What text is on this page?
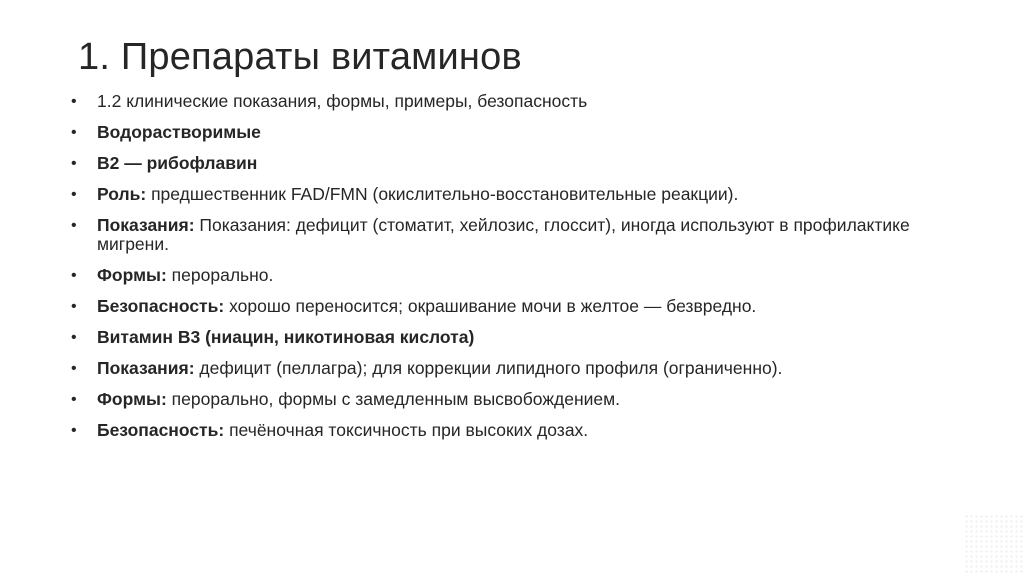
1. Препараты витаминов
• 1.2 клинические показания, формы, примеры, безопасность
• Водорастворимые
• B2 — рибофлавин
• Роль: предшественник FAD/FMN (окислительно-восстановительные реакции).
• Показания: Показания: дефицит (стоматит, хейлозис, глоссит), иногда используют в профилактике мигрени.
• Формы: перорально.
• Безопасность: хорошо переносится; окрашивание мочи в желтое — безвредно.
• Витамин B3 (ниацин, никотиновая кислота)
• Показания: дефицит (пеллагра); для коррекции липидного профиля (ограниченно).
• Формы: перорально, формы с замедленным высвобождением.
• Безопасность: печёночная токсичность при высоких дозах.
